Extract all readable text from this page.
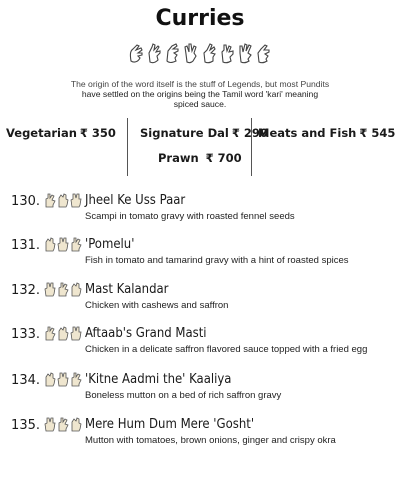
Curries
The origin of the word itself is the stuff of Legends, but most Pundits
have settled on the origins being the Tamil word 'kari' meaning
spiced sauce.
Vegetarian ₹ 350 Signature Dal ₹ 290
Meats and Fish ₹ 545
Prawn ₹ 700
130.	Jheel Ke Uss Paar
Scampi in tomato gravy with roasted fennel seeds
131.	'Pomelu'
Fish in tomato and tamarind gravy with a hint of roasted spices
132.	Mast Kalandar
Chicken with cashews and saffron
133.	Aftaab's Grand Masti
Chicken in a delicate saffron flavored sauce topped with a fried egg
134.	'Kitne Aadmi the' Kaaliya
Boneless mutton on a bed of rich saffron gravy
135.	Mere Hum Dum Mere 'Gosht'
Mutton with tomatoes, brown onions, ginger and crispy okra
